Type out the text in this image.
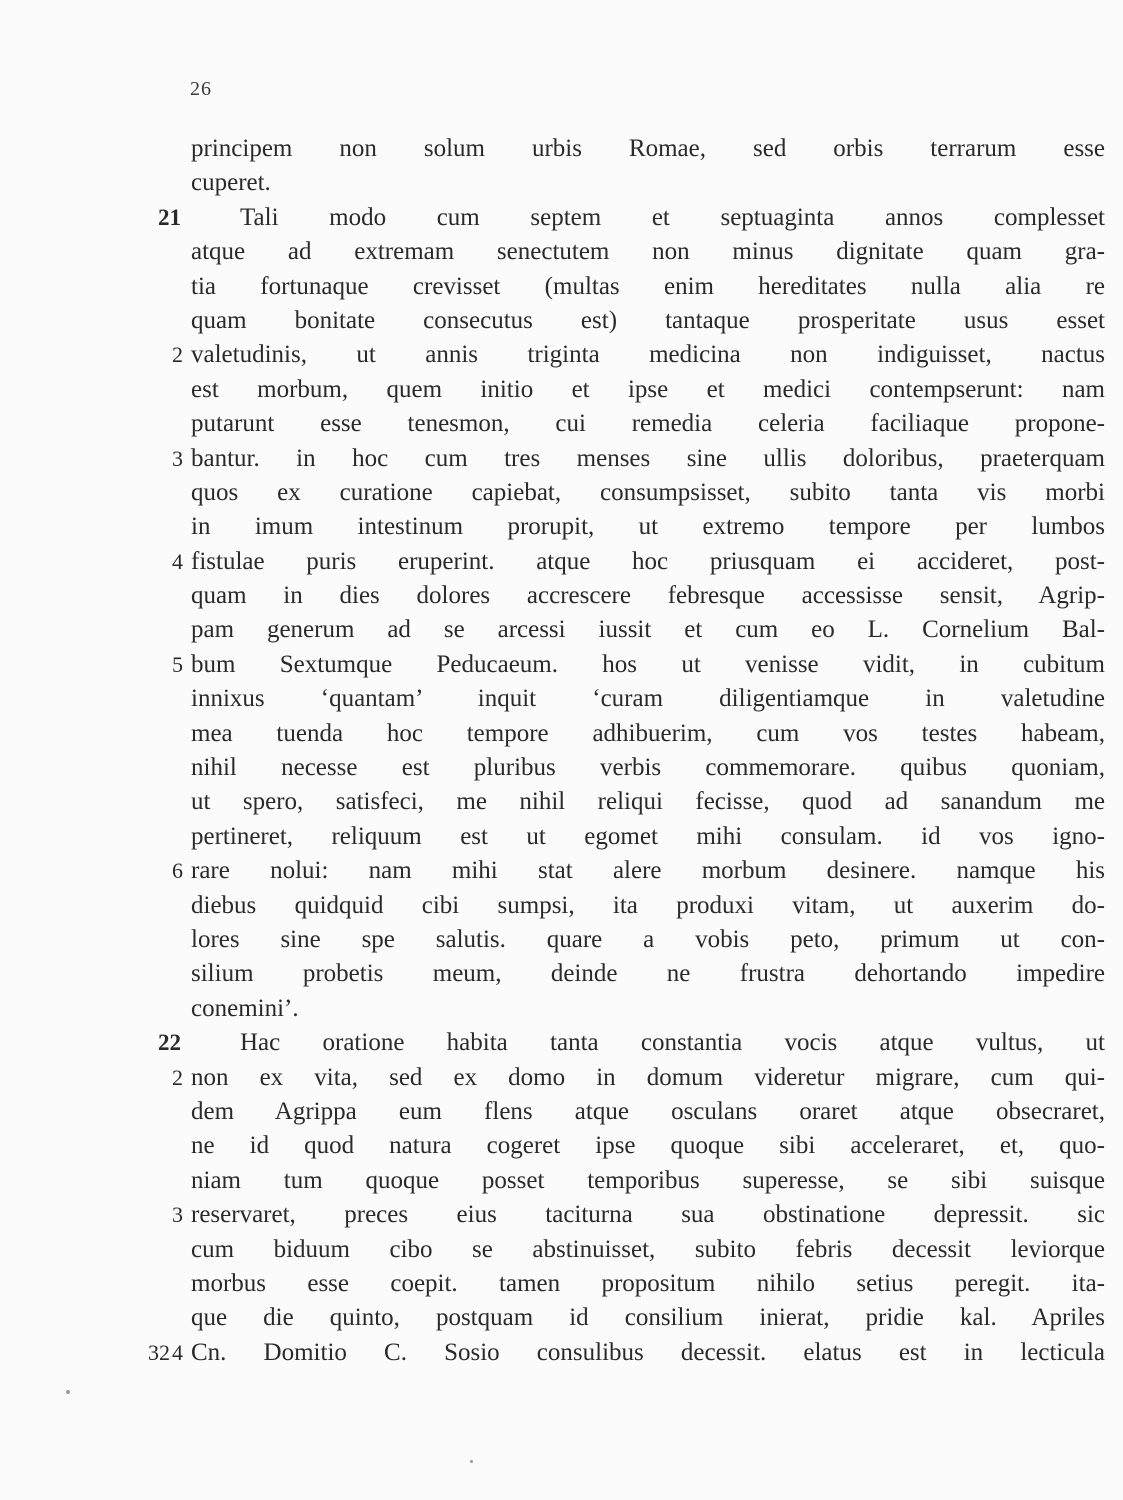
26
principem non solum urbis Romae, sed orbis terrarum esse
cuperet.
21 Tali modo cum septem et septuaginta annos complesset
atque ad extremam senectutem non minus dignitate quam gra-
tia fortunaque crevisset (multas enim hereditates nulla alia re
quam bonitate consecutus est) tantaque prosperitate usus esset
2 valetudinis, ut annis triginta medicina non indiguisset, nactus
est morbum, quem initio et ipse et medici contempserunt: nam
putarunt esse tenesmon, cui remedia celeria faciliaque propone-
3 bantur. in hoc cum tres menses sine ullis doloribus, praeterquam
quos ex curatione capiebat, consumpsisset, subito tanta vis morbi
in imum intestinum prorupit, ut extremo tempore per lumbos
4 fistulae puris eruperint. atque hoc priusquam ei accideret, post-
quam in dies dolores accrescere febresque accessisse sensit, Agrip-
pam generum ad se arcessi iussit et cum eo L. Cornelium Bal-
5 bum Sextumque Peducaeum. hos ut venisse vidit, in cubitum
innixus ‘quantam’ inquit ‘curam diligentiamque in valetudine
mea tuenda hoc tempore adhibuerim, cum vos testes habeam,
nihil necesse est pluribus verbis commemorare. quibus quoniam,
ut spero, satisfeci, me nihil reliqui fecisse, quod ad sanandum me
pertineret, reliquum est ut egomet mihi consulam. id vos igno-
6 rare nolui: nam mihi stat alere morbum desinere. namque his
diebus quidquid cibi sumpsi, ita produxi vitam, ut auxerim do-
lores sine spe salutis. quare a vobis peto, primum ut con-
silium probetis meum, deinde ne frustra dehortando impedire
conemini’.
22 Hac oratione habita tanta constantia vocis atque vultus, ut
2 non ex vita, sed ex domo in domum videretur migrare, cum qui-
dem Agrippa eum flens atque osculans oraret atque obsecraret,
ne id quod natura cogeret ipse quoque sibi acceleraret, et, quo-
niam tum quoque posset temporibus superesse, se sibi suisque
3 reservaret, preces eius taciturna sua obstinatione depressit. sic
cum biduum cibo se abstinuisset, subito febris decessit leviorque
morbus esse coepit. tamen propositum nihilo setius peregit. ita-
que die quinto, postquam id consilium inierat, pridie kal. Apriles
324 Cn. Domitio C. Sosio consulibus decessit. elatus est in lecticula
